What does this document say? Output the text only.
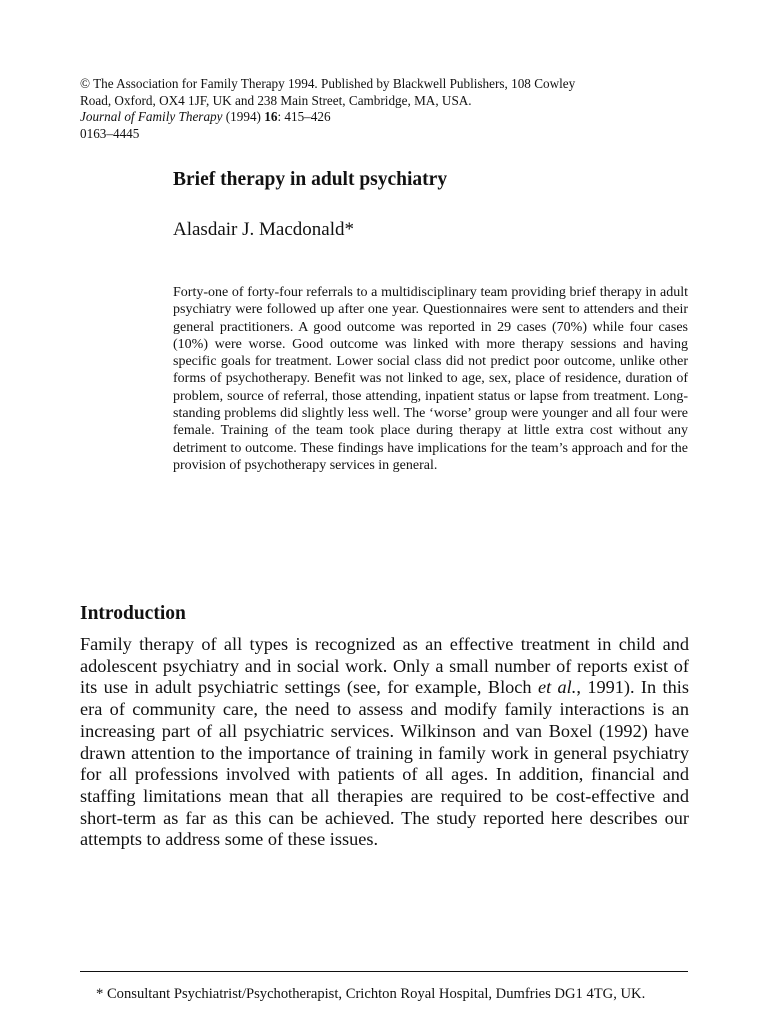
© The Association for Family Therapy 1994. Published by Blackwell Publishers, 108 Cowley
Road, Oxford, OX4 1JF, UK and 238 Main Street, Cambridge, MA, USA.
Journal of Family Therapy (1994) 16: 415–426
0163–4445
Brief therapy in adult psychiatry

Alasdair J. Macdonald*

Forty-one of forty-four referrals to a multidisciplinary team providing brief therapy in adult psychiatry were followed up after one year. Questionnaires were sent to attenders and their general practitioners. A good outcome was reported in 29 cases (70%) while four cases (10%) were worse. Good outcome was linked with more therapy sessions and having specific goals for treatment. Lower social class did not predict poor outcome, unlike other forms of psychotherapy. Benefit was not linked to age, sex, place of residence, duration of problem, source of referral, those attending, inpatient status or lapse from treatment. Long-standing problems did slightly less well. The ‘worse’ group were younger and all four were female. Training of the team took place during therapy at little extra cost without any detriment to outcome. These findings have implications for the team’s approach and for the provision of psychotherapy services in general.

Introduction

Family therapy of all types is recognized as an effective treatment in child and adolescent psychiatry and in social work. Only a small number of reports exist of its use in adult psychiatric settings (see, for example, Bloch et al., 1991). In this era of community care, the need to assess and modify family interactions is an increasing part of all psychiatric services. Wilkinson and van Boxel (1992) have drawn attention to the importance of training in family work in general psychiatry for all professions involved with patients of all ages. In addition, financial and staffing limitations mean that all therapies are required to be cost-effective and short-term as far as this can be achieved. The study reported here describes our attempts to address some of these issues.

* Consultant Psychiatrist/Psychotherapist, Crichton Royal Hospital, Dumfries DG1 4TG, UK.
